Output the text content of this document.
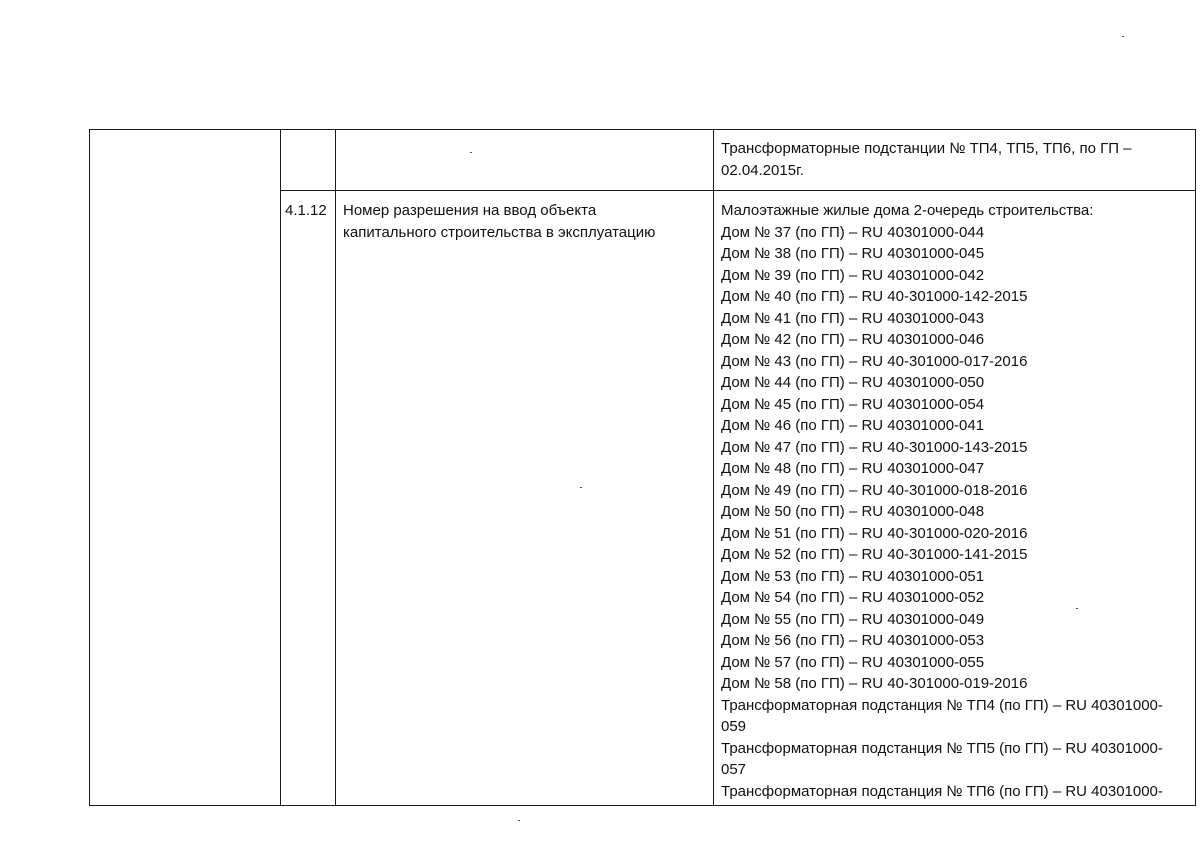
Трансформаторные подстанции № ТП4, ТП5, ТП6, по ГП –
02.04.2015г.
4.1.12 Номер разрешения на ввод объекта
капитального строительства в эксплуатацию
Малоэтажные жилые дома 2-очередь строительства:
Дом № 37 (по ГП) – RU 40301000-044
Дом № 38 (по ГП) – RU 40301000-045
Дом № 39 (по ГП) – RU 40301000-042
Дом № 40 (по ГП) – RU 40-301000-142-2015
Дом № 41 (по ГП) – RU 40301000-043
Дом № 42 (по ГП) – RU 40301000-046
Дом № 43 (по ГП) – RU 40-301000-017-2016
Дом № 44 (по ГП) – RU 40301000-050
Дом № 45 (по ГП) – RU 40301000-054
Дом № 46 (по ГП) – RU 40301000-041
Дом № 47 (по ГП) – RU 40-301000-143-2015
Дом № 48 (по ГП) – RU 40301000-047
Дом № 49 (по ГП) – RU 40-301000-018-2016
Дом № 50 (по ГП) – RU 40301000-048
Дом № 51 (по ГП) – RU 40-301000-020-2016
Дом № 52 (по ГП) – RU 40-301000-141-2015
Дом № 53 (по ГП) – RU 40301000-051
Дом № 54 (по ГП) – RU 40301000-052
Дом № 55 (по ГП) – RU 40301000-049
Дом № 56 (по ГП) – RU 40301000-053
Дом № 57 (по ГП) – RU 40301000-055
Дом № 58 (по ГП) – RU 40-301000-019-2016
Трансформаторная подстанция № ТП4 (по ГП) – RU 40301000-
059
Трансформаторная подстанция № ТП5 (по ГП) – RU 40301000-
057
Трансформаторная подстанция № ТП6 (по ГП) – RU 40301000-
